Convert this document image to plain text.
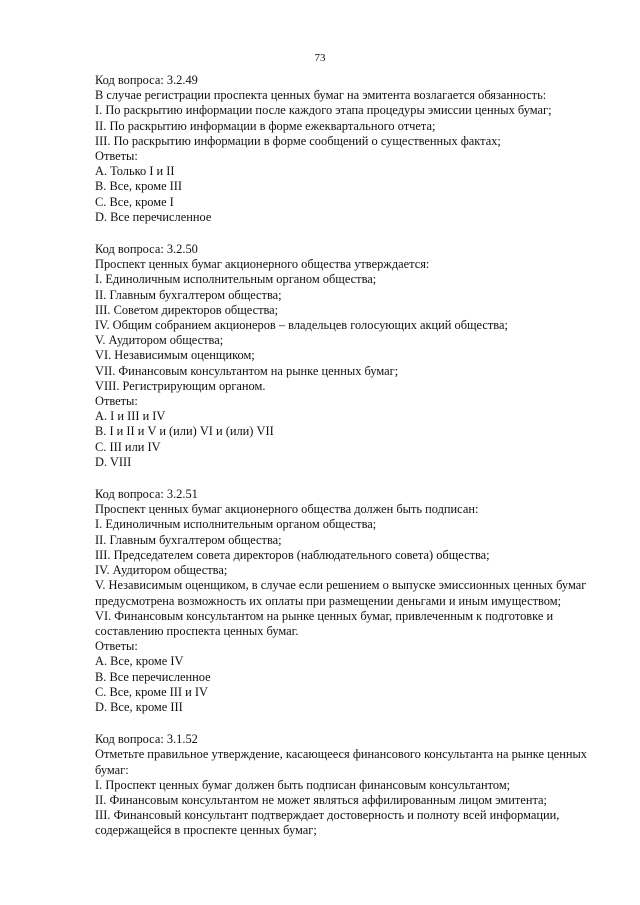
73
Код вопроса: 3.2.49
В случае регистрации проспекта ценных бумаг на эмитента возлагается обязанность:
I. По раскрытию информации после каждого этапа процедуры эмиссии ценных бумаг;
II. По раскрытию информации в форме ежеквартального отчета;
III. По раскрытию информации в форме сообщений о существенных фактах;
Ответы:
A. Только I и II
B. Все, кроме III
C. Все, кроме I
D. Все перечисленное
Код вопроса: 3.2.50
Проспект ценных бумаг акционерного общества утверждается:
I. Единоличным исполнительным органом общества;
II. Главным бухгалтером общества;
III. Советом директоров общества;
IV. Общим собранием акционеров – владельцев голосующих акций общества;
V. Аудитором общества;
VI. Независимым оценщиком;
VII. Финансовым консультантом на рынке ценных бумаг;
VIII. Регистрирующим органом.
Ответы:
A. I и III и IV
B. I и II и V и (или) VI и (или) VII
C. III или IV
D. VIII
Код вопроса: 3.2.51
Проспект ценных бумаг акционерного общества должен быть подписан:
I. Единоличным исполнительным органом общества;
II. Главным бухгалтером общества;
III. Председателем совета директоров (наблюдательного совета) общества;
IV. Аудитором общества;
V. Независимым оценщиком, в случае если решением о выпуске эмиссионных ценных бумаг
предусмотрена возможность их оплаты при размещении деньгами и иным имуществом;
VI. Финансовым консультантом на рынке ценных бумаг, привлеченным к подготовке и
составлению проспекта ценных бумаг.
Ответы:
A. Все, кроме IV
B. Все перечисленное
C. Все, кроме III и IV
D. Все, кроме III
Код вопроса: 3.1.52
Отметьте правильное утверждение, касающееся финансового консультанта на рынке ценных
бумаг:
I. Проспект ценных бумаг должен быть подписан финансовым консультантом;
II. Финансовым консультантом не может являться аффилированным лицом эмитента;
III. Финансовый консультант подтверждает достоверность и полноту всей информации,
содержащейся в проспекте ценных бумаг;
